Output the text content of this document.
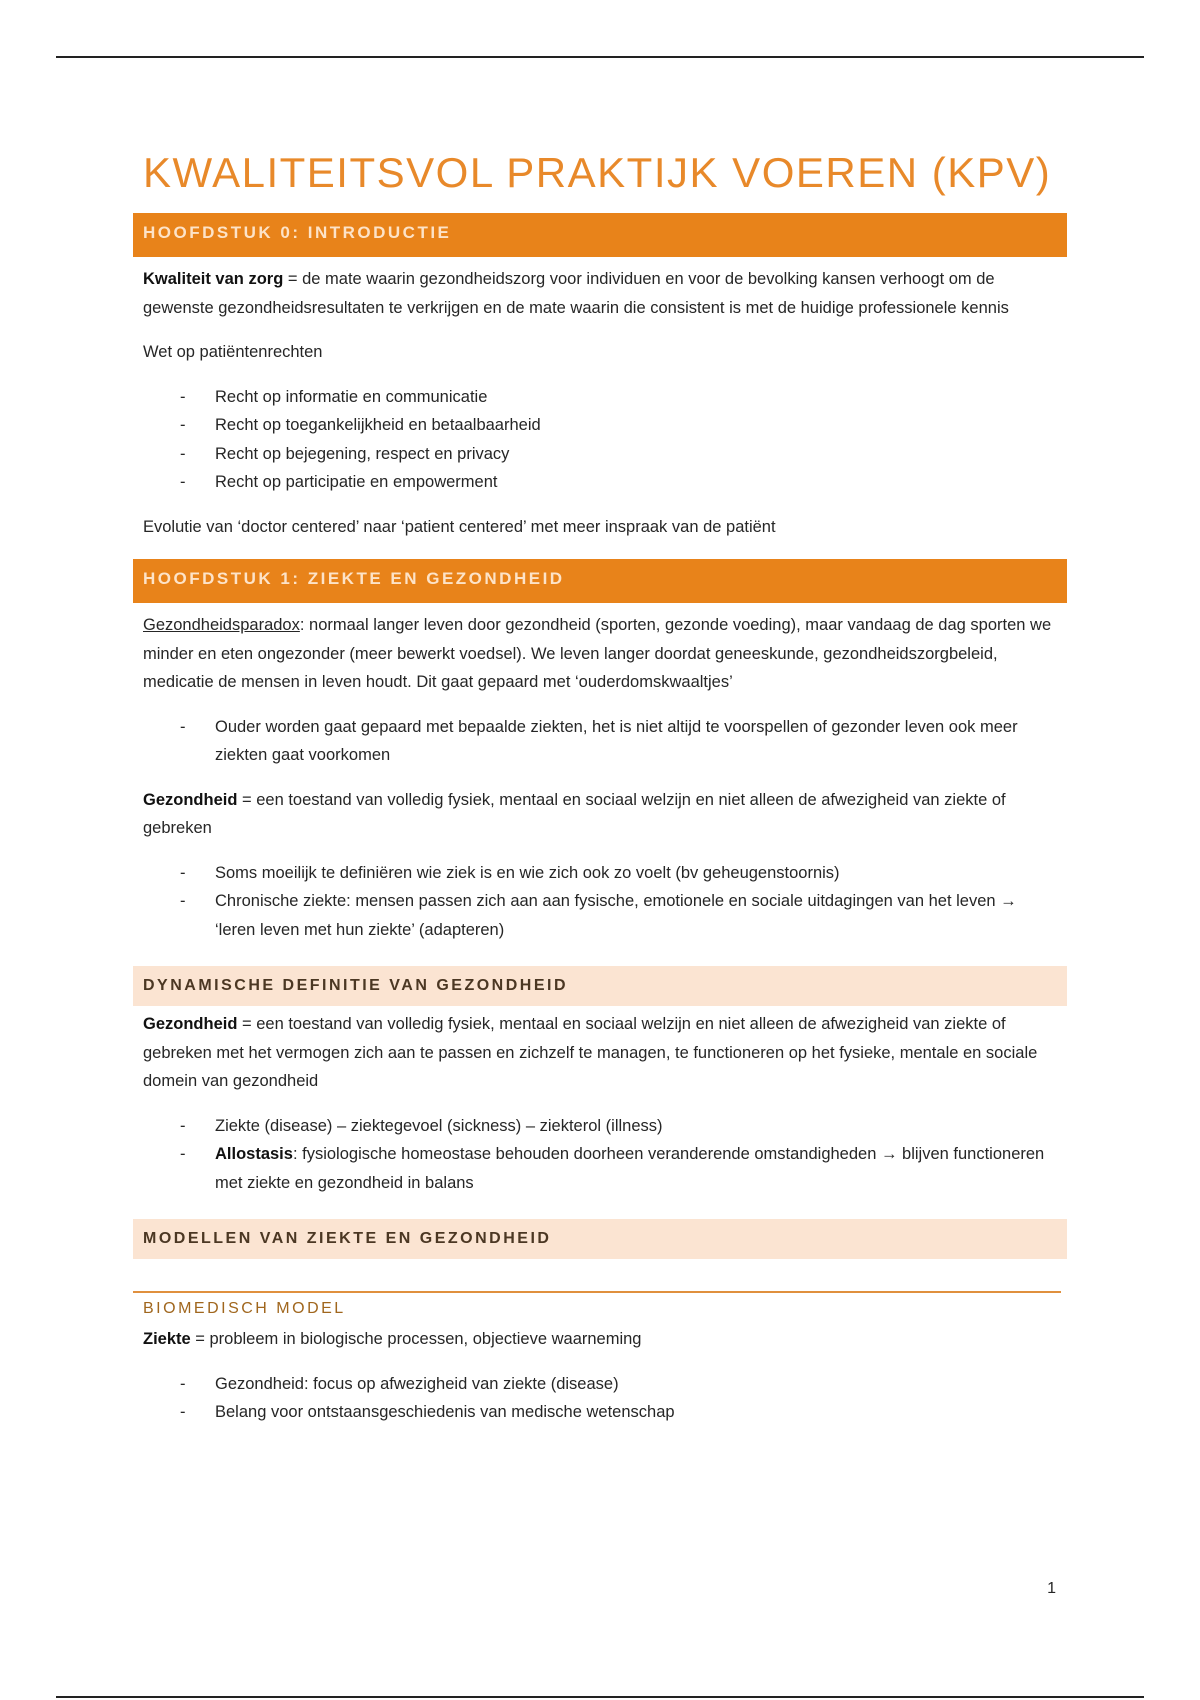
KWALITEITSVOL PRAKTIJK VOEREN (KPV)
HOOFDSTUK 0: INTRODUCTIE

Kwaliteit van zorg = de mate waarin gezondheidszorg voor individuen en voor de bevolking kansen verhoogt om de gewenste gezondheidsresultaten te verkrijgen en de mate waarin die consistent is met de huidige professionele kennis

Wet op patiëntenrechten

- Recht op informatie en communicatie
- Recht op toegankelijkheid en betaalbaarheid
- Recht op bejegening, respect en privacy
- Recht op participatie en empowerment

Evolutie van ‘doctor centered’ naar ‘patient centered’ met meer inspraak van de patiënt

HOOFDSTUK 1: ZIEKTE EN GEZONDHEID

Gezondheidsparadox: normaal langer leven door gezondheid (sporten, gezonde voeding), maar vandaag de dag sporten we minder en eten ongezonder (meer bewerkt voedsel). We leven langer doordat geneeskunde, gezondheidszorgbeleid, medicatie de mensen in leven houdt. Dit gaat gepaard met ‘ouderdomskwaaltjes’

- Ouder worden gaat gepaard met bepaalde ziekten, het is niet altijd te voorspellen of gezonder leven ook meer ziekten gaat voorkomen

Gezondheid = een toestand van volledig fysiek, mentaal en sociaal welzijn en niet alleen de afwezigheid van ziekte of gebreken

- Soms moeilijk te definiëren wie ziek is en wie zich ook zo voelt (bv geheugenstoornis)
- Chronische ziekte: mensen passen zich aan aan fysische, emotionele en sociale uitdagingen van het leven → ‘leren leven met hun ziekte’ (adapteren)
DYNAMISCHE DEFINITIE VAN GEZONDHEID

Gezondheid = een toestand van volledig fysiek, mentaal en sociaal welzijn en niet alleen de afwezigheid van ziekte of gebreken met het vermogen zich aan te passen en zichzelf te managen, te functioneren op het fysieke, mentale en sociale domein van gezondheid

- Ziekte (disease) – ziektegevoel (sickness) – ziekterol (illness)
- Allostasis: fysiologische homeostase behouden doorheen veranderende omstandigheden → blijven functioneren met ziekte en gezondheid in balans
MODELLEN VAN ZIEKTE EN GEZONDHEID
BIOMEDISCH MODEL

Ziekte = probleem in biologische processen, objectieve waarneming

- Gezondheid: focus op afwezigheid van ziekte (disease)
- Belang voor ontstaansgeschiedenis van medische wetenschap
1
